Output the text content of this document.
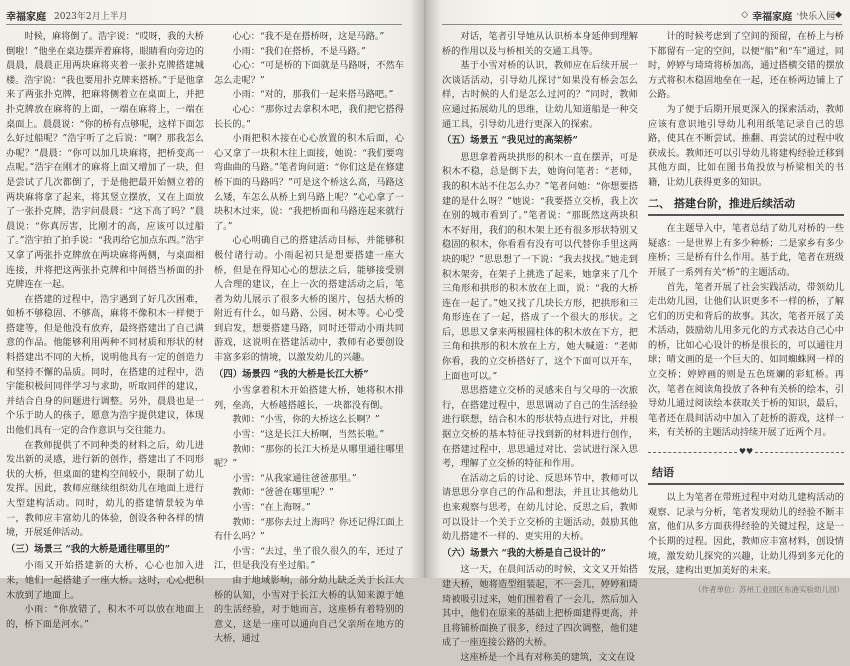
幸福家庭 2023年2月上半月

时候，麻将倒了。浩宇说：“哎呀，我的大桥倒啦！”他坐在桌边摆弄着麻将，眼睛看向旁边的晨晨，晨晨正用两块麻将夹着一张扑克牌搭建城楼。浩宇说：“我也要用扑克牌来搭桥。”于是他拿来了两张扑克牌，把麻将侧着立在桌面上，并把扑克牌放在麻将的上面，一端在麻将上，一端在桌面上。晨晨说：“你的桥有点够呢，这样下面怎么好过船呢？”浩宇听了之后说：“啊？那我怎么办呢？”晨晨：“你可以加几块麻将，把桥变高一点呢。”浩宇在刚才的麻将上面又增加了一块，但是尝试了几次都倒了，于是他把最开始侧立着的两块麻将拿了起来，将其竖立摆放，又在上面放了一张扑克牌，浩宇问晨晨：“这下高了吗？”晨晨说：“你真厉害，比刚才的高，应该可以过船了。”浩宇拍了拍手说：“我再给它加点东西。”浩宇又拿了两张扑克牌放在两块麻将两侧，与桌面相连接，并将把这两张扑克牌和中间搭当桥面的扑克牌连在一起。

在搭建的过程中，浩宇遇到了好几次困难，如桥不够稳固、不够高，麻将不像积木一样便于搭建等，但是他没有放弃，最终搭建出了自己满意的作品。他能够利用两种不同材质和形状的材料搭建出不同的大桥，说明他具有一定的创造力和坚持不懈的品质。同时，在搭建的过程中，浩宇能积极问同伴学习与求助，听取同伴的建议，并结合自身的问题进行调整。另外，晨晨也是一个乐于助人的孩子，愿意为浩宇提供建议，体现出他们具有一定的合作意识与交往能力。

在教师提供了不同种类的材料之后，幼儿进发出新的灵感，进行新的创作，搭建出了不同形状的大桥，但桌面的建构空间较小，限制了幼儿发挥。因此，教师应继续组织幼儿在地面上进行大型建构活动。同时，幼儿的搭建情景较为单一，教师应丰富幼儿的体验，创设各种各样的情境，开展延伸活动。

（三）场景三 “我的大桥是通往哪里的”

小雨又开始搭建新的大桥，心心也加入进来，她们一起搭建了一座大桥。这时，心心把积木放到了地面上。

小雨：“你放错了，积木不可以放在地面上的，桥下面是河水。”

心心：“我不是在搭桥呀，这是马路。”

小雨：“我们在搭桥，不是马路。”

心心：“可是桥的下面就是马路呀，不然车怎么走呢？”

小雨：“对的，那我们一起来搭马路吧。”

心心：“那你过去拿积木吧，我们把它搭得长长的。”

小雨把积木接在心心放置的积木后面，心心又拿了一块积木往上面接，她说：“我们要弯弯曲曲的马路。”笔者询问道：“你们这是在修建桥下面的马路吗？”可是这个桥这么高，马路这么矮，车怎么从桥上到马路上呢？”心心拿了一块积木过来，说：“我把桥面和马路连起来就行了。”

心心明确自己的搭建活动目标，并能够积极付诸行动。小雨起初只是想要搭建一座大桥，但是在得知心心的想法之后，能够接受别人合理的建议，在上一次的搭建活动之后，笔者为幼儿展示了很多大桥的图片，包括大桥的附近有什么，如马路、公园、树木等。心心受到启发，想要搭建马路，同时还带动小雨共同游戏，这说明在搭建活动中，教师有必要创设丰富多彩的情境，以激发幼儿的兴趣。

（四）场景四 “我的大桥是长江大桥”

小雪拿着积木开始搭建大桥，她将积木排列，垒高，大桥越搭越长，一块都没有倒。

教师：“小雪，你的大桥这么长啊？”

小雪：“这是长江大桥啊，当然长啦。”

教师：“那你的长江大桥是从哪里通往哪里呢？”

小雪：“从我家通往爸爸那里。”

教师：“爸爸在哪里呢？”

小雪：“在上海呀。”

教师：“那你去过上海吗？你还记得江面上有什么吗？”

小雪：“去过，坐了很久很久的车，还过了江，但是我没有坐过船。”

由于地域影响，部分幼儿缺乏关于长江大桥的认知，小雪对于长江大桥的认知来源于她的生活经验，对于她而言，这座桥有着特别的意义，这是一座可以通向自己父亲所在地方的大桥，通过

◇ 幸福家庭 · 快乐入园 ◆

对话，笔者引导她从认识桥本身延伸到理解桥的作用以及与桥相关的交通工具等。

基于小雪对桥的认识，教师应在后续开展一次谈话活动，引导幼儿探讨“如果没有桥会怎么样，古时候的人们是怎么过河的？”同时，教师应通过拓展幼儿的思维，让幼儿知道船是一种交通工具，引导幼儿进行更深入的探索。

（五）场景五 “我见过的高架桥”

思思拿着两块拱形的积木一直在摆弄，可是积木不稳，总是倒下去，她询问笔者：“老师，我的积木站不住怎么办？”笔者问她：“你想要搭建的是什么呀？”她说：“我要搭立交桥，我上次在别的城市看到了。”笔者说：“那既然这两块积木不好用，我们的积木架上还有很多形状特别又稳固的积木，你看看有没有可以代替你手里这两块的呢？”思思想了一下说：“我去找找。”她走到积木架旁，在架子上挑选了起来，她拿来了几个三角形和拱形的积木放在上面，说：“我的大桥连在一起了。”她又找了几块长方形，把拱形和三角形连在了一起，搭成了一个很大的形状。之后，思思又拿来两根圆柱体的积木放在下方，把三角和拱形的积木放在上方，她大喊道：“老师你看，我的立交桥搭好了，这个下面可以开车，上面也可以。”

思思搭建立交桥的灵感来自与父母的一次旅行，在搭建过程中，思思调动了自己的生活经验进行联想，结合积木的形状特点进行对比，并根据立交桥的基本特征寻找到新的材料进行创作，在搭建过程中，思思通过对比、尝试进行深入思考，理解了立交桥的特征和作用。

在活动之后的讨论、反思环节中，教师可以请思思分享自己的作品和想法，并且让其他幼儿也来观察与思考，在幼儿讨论、反思之后，教师可以设计一个关于立交桥的主题活动，鼓励其他幼儿搭建不一样的、更实用的大桥。

（六）场景六 “我的大桥是自己设计的”

这一天，在晨间活动的时候，文文又开始搭建大桥，她将造型组装起，不一会儿，婷婷和琦琦被吸引过来，她们围着看了一会儿，然后加入其中，他们在原来的基础上把桥面建得更高，并且将铺桥面换了很多，经过了四次调整，他们建成了一座连接公路的大桥。

这座桥是一个具有对称美的建筑，文文在设

计的时候考虑到了空间的预留，在桥上与桥下都留有一定的空间，以便“船”和“车”通过，同时，婷婷与琦琦将桥加高，通过搭横交错的摆放方式将积木稳固地垒在一起，还在桥两边铺上了公路。

为了便于后期开展更深入的探索活动，教师应该有意识地引导幼儿利用纸笔记录自己的思路，使其在不断尝试、推翻、再尝试的过程中收获成长。教师还可以引导幼儿将建构经验迁移到其他方面，比如在图书角投放与桥梁相关的书籍，让幼儿获得更多的知识。

二、 搭建台阶，推进后续活动

在主题导入中，笔者总结了幼儿对桥的一些疑惑：一是世界上有多少种桥；二是家乡有多少座桥；三是桥有什么作用。基于此，笔者在班级开展了一系列有关“桥”的主题活动。

首先，笔者开展了社会实践活动，带领幼儿走出幼儿园，让他们认识更多不一样的桥，了解它们的历史和背后的故事。其次，笔者开展了美术活动，鼓励幼儿用多元化的方式表达自己心中的桥，比如心心设计的桥是很长的，可以通往月球；晴文画的是一个巨大的、如同蜘蛛网一样的立交桥；婷婷画的则是五色斑斓的彩虹桥。再次，笔者在阅读角投放了各种有关桥的绘本，引导幼儿通过阅读绘本获取关于桥的知识，最后，笔者还在晨间活动中加入了赶桥的游戏，这样一来，有关桥的主题活动持续开展了近两个月。

♥♥
结语

以上为笔者在带班过程中对幼儿建构活动的观察、记录与分析，笔者发现幼儿的经验不断丰富，他们从多方面获得经验的关键过程，这是一个长期的过程。因此，教师应丰富材料，创设情境，激发幼儿探究的兴趣，让幼儿得到多元化的发展，建构出更加美好的未来。

（作者单位：苏州工业园区东港实验幼儿园）
